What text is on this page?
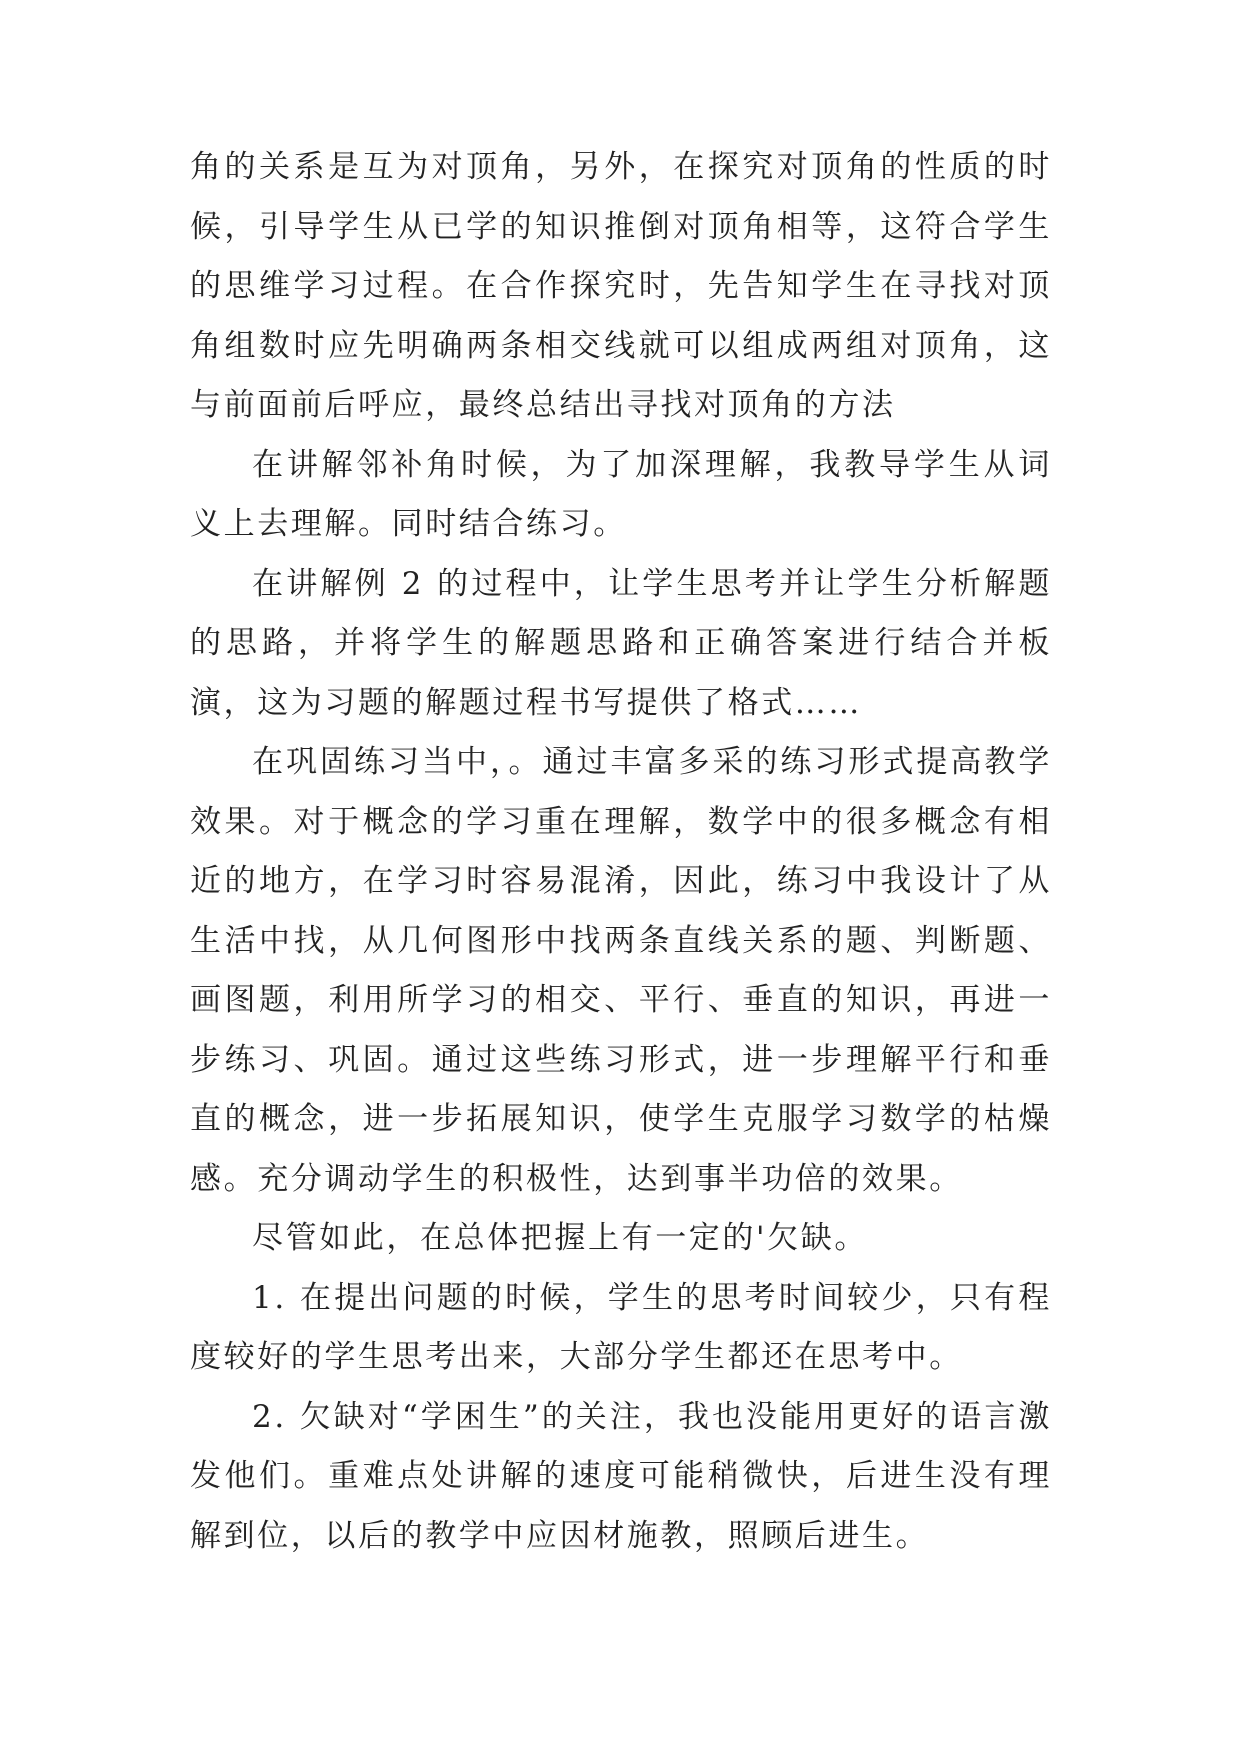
角的关系是互为对顶角，另外，在探究对顶角的性质的时候，引导学生从已学的知识推倒对顶角相等，这符合学生的思维学习过程。在合作探究时，先告知学生在寻找对顶角组数时应先明确两条相交线就可以组成两组对顶角，这与前面前后呼应，最终总结出寻找对顶角的方法

在讲解邻补角时候，为了加深理解，我教导学生从词义上去理解。同时结合练习。

在讲解例 2 的过程中，让学生思考并让学生分析解题的思路，并将学生的解题思路和正确答案进行结合并板演，这为习题的解题过程书写提供了格式……

在巩固练习当中，。通过丰富多采的练习形式提高教学效果。对于概念的学习重在理解，数学中的很多概念有相近的地方，在学习时容易混淆，因此，练习中我设计了从生活中找，从几何图形中找两条直线关系的题、判断题、画图题，利用所学习的相交、平行、垂直的知识，再进一步练习、巩固。通过这些练习形式，进一步理解平行和垂直的概念，进一步拓展知识，使学生克服学习数学的枯燥感。充分调动学生的积极性，达到事半功倍的效果。

尽管如此，在总体把握上有一定的'欠缺。

1. 在提出问题的时候，学生的思考时间较少，只有程度较好的学生思考出来，大部分学生都还在思考中。

2. 欠缺对“学困生”的关注，我也没能用更好的语言激发他们。重难点处讲解的速度可能稍微快，后进生没有理解到位，以后的教学中应因材施教，照顾后进生。
